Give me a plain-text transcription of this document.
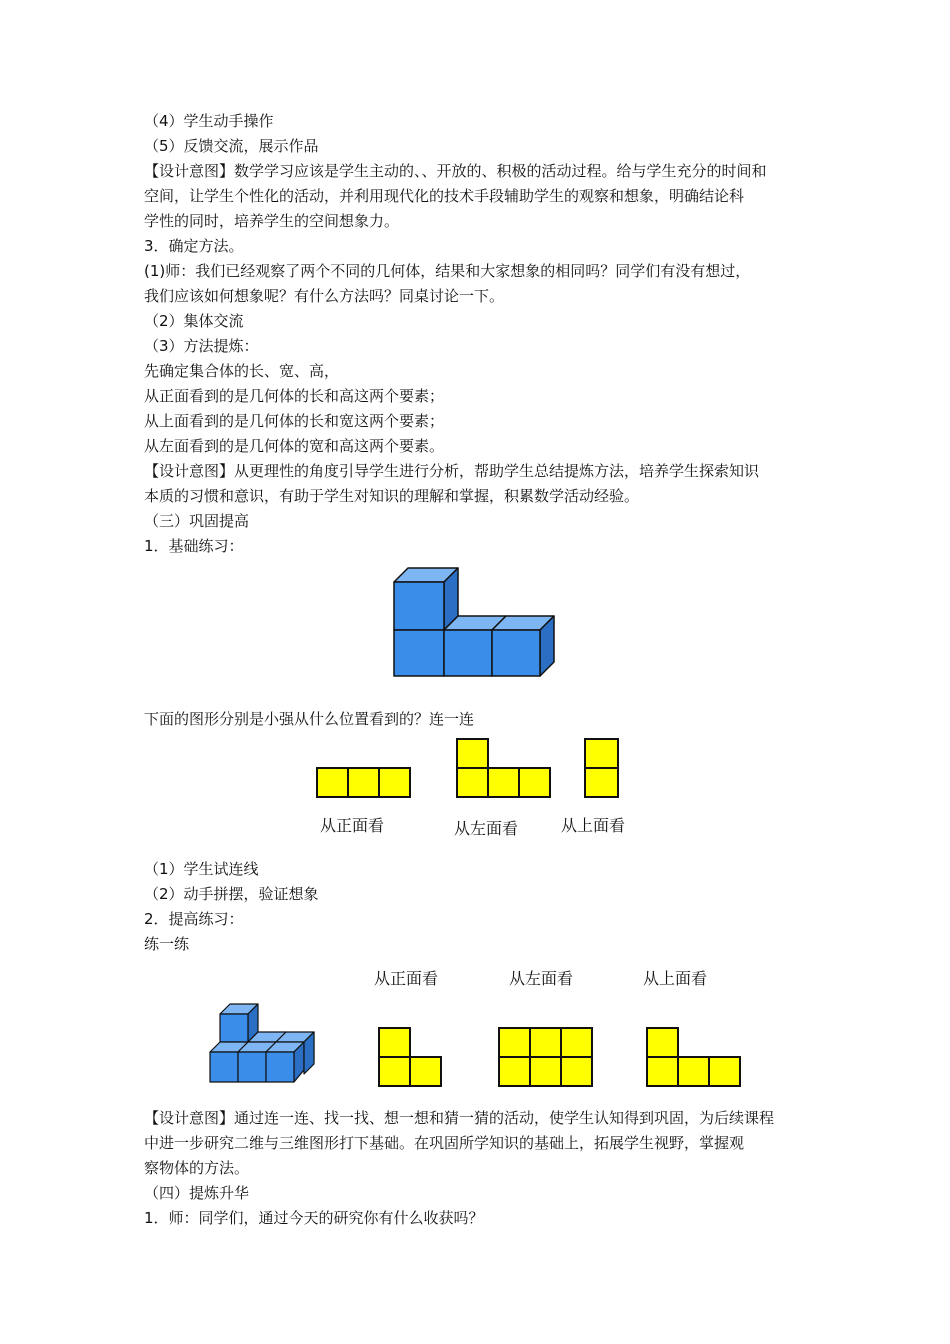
（4）学生动手操作
（5）反馈交流，展示作品
【设计意图】数学学习应该是学生主动的、、开放的、积极的活动过程。给与学生充分的时间和
空间，让学生个性化的活动，并利用现代化的技术手段辅助学生的观察和想象，明确结论科
学性的同时，培养学生的空间想象力。
3．确定方法。
(1)师：我们已经观察了两个不同的几何体，结果和大家想象的相同吗？同学们有没有想过，
我们应该如何想象呢？有什么方法吗？同桌讨论一下。
（2）集体交流
（3）方法提炼：
先确定集合体的长、宽、高，
从正面看到的是几何体的长和高这两个要素；
从上面看到的是几何体的长和宽这两个要素；
从左面看到的是几何体的宽和高这两个要素。
【设计意图】从更理性的角度引导学生进行分析，帮助学生总结提炼方法，培养学生探索知识
本质的习惯和意识，有助于学生对知识的理解和掌握，积累数学活动经验。
（三）巩固提高
1．基础练习：
下面的图形分别是小强从什么位置看到的？连一连
从正面看	从左面看	从上面看
（1）学生试连线
（2）动手拼摆，验证想象
2．提高练习：
练一练
从正面看	从左面看	从上面看
【设计意图】通过连一连、找一找、想一想和猜一猜的活动，使学生认知得到巩固，为后续课程
中进一步研究二维与三维图形打下基础。在巩固所学知识的基础上，拓展学生视野，掌握观
察物体的方法。
（四）提炼升华
1．师：同学们，通过今天的研究你有什么收获吗？
